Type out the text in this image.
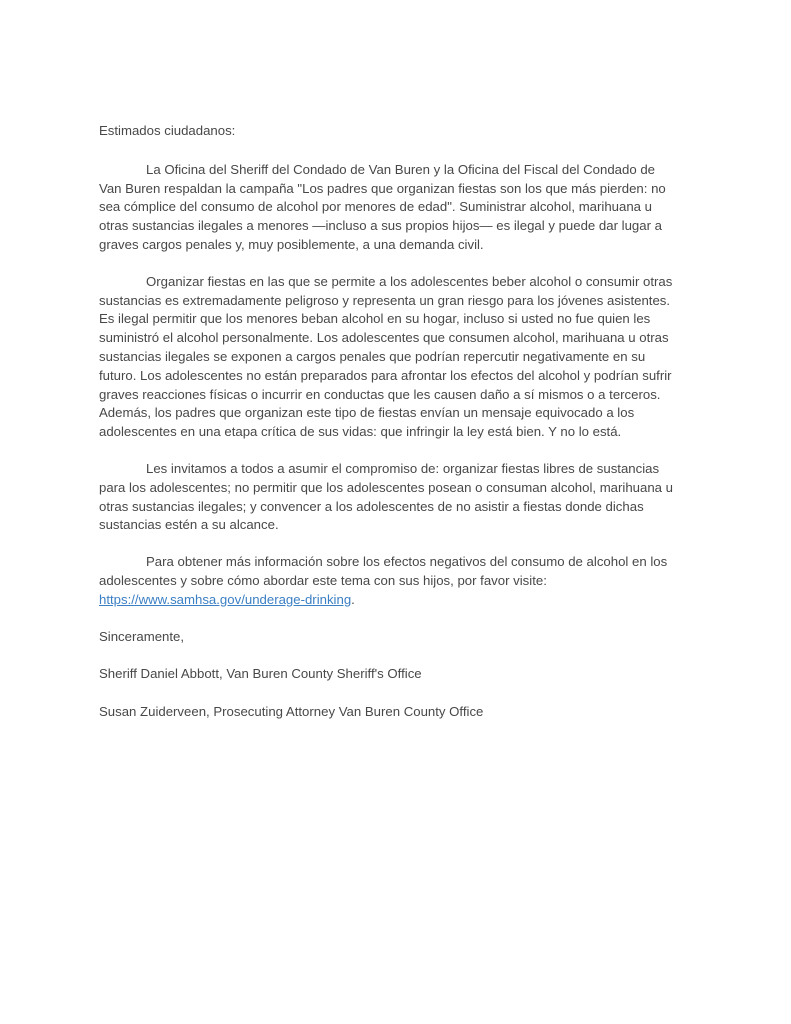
Estimados ciudadanos:

La Oficina del Sheriff del Condado de Van Buren y la Oficina del Fiscal del Condado de Van Buren respaldan la campaña "Los padres que organizan fiestas son los que más pierden: no sea cómplice del consumo de alcohol por menores de edad". Suministrar alcohol, marihuana u otras sustancias ilegales a menores —incluso a sus propios hijos— es ilegal y puede dar lugar a graves cargos penales y, muy posiblemente, a una demanda civil.

Organizar fiestas en las que se permite a los adolescentes beber alcohol o consumir otras sustancias es extremadamente peligroso y representa un gran riesgo para los jóvenes asistentes. Es ilegal permitir que los menores beban alcohol en su hogar, incluso si usted no fue quien les suministró el alcohol personalmente. Los adolescentes que consumen alcohol, marihuana u otras sustancias ilegales se exponen a cargos penales que podrían repercutir negativamente en su futuro. Los adolescentes no están preparados para afrontar los efectos del alcohol y podrían sufrir graves reacciones físicas o incurrir en conductas que les causen daño a sí mismos o a terceros. Además, los padres que organizan este tipo de fiestas envían un mensaje equivocado a los adolescentes en una etapa crítica de sus vidas: que infringir la ley está bien. Y no lo está.

Les invitamos a todos a asumir el compromiso de: organizar fiestas libres de sustancias para los adolescentes; no permitir que los adolescentes posean o consuman alcohol, marihuana u otras sustancias ilegales; y convencer a los adolescentes de no asistir a fiestas donde dichas sustancias estén a su alcance.

Para obtener más información sobre los efectos negativos del consumo de alcohol en los adolescentes y sobre cómo abordar este tema con sus hijos, por favor visite: https://www.samhsa.gov/underage-drinking.

Sinceramente,

Sheriff Daniel Abbott, Van Buren County Sheriff's Office

Susan Zuiderveen, Prosecuting Attorney Van Buren County Office
